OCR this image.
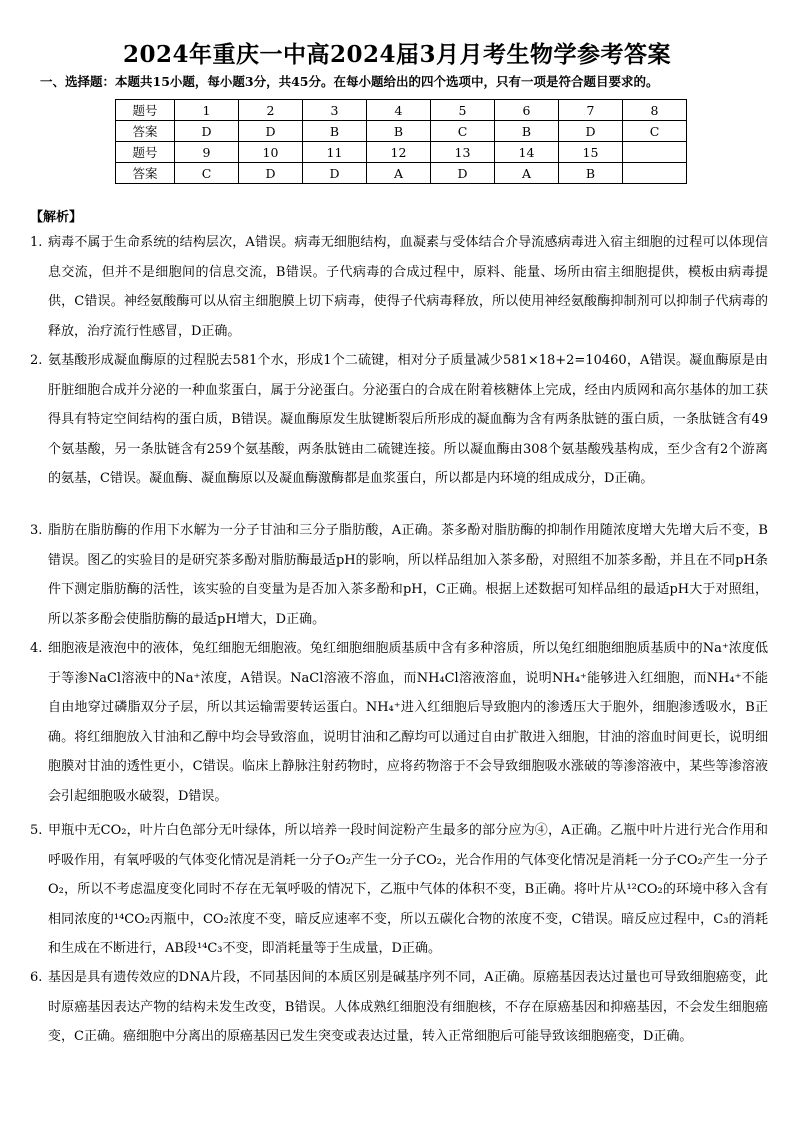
2024年重庆一中高2024届3月月考生物学参考答案
一、选择题：本题共15小题，每小题3分，共45分。在每小题给出的四个选项中，只有一项是符合题目要求的。
题号	1	2	3	4	5	6	7	8
答案	D	D	B	B	C	B	D	C
题号	9	10	11	12	13	14	15	
答案	C	D	D	A	D	A	B	
【解析】
1. 病毒不属于生命系统的结构层次，A错误。病毒无细胞结构，血凝素与受体结合介导流感病毒进入宿主细胞的过程可以体现信息交流，但并不是细胞间的信息交流，B错误。子代病毒的合成过程中，原料、能量、场所由宿主细胞提供，模板由病毒提供，C错误。神经氨酸酶可以从宿主细胞膜上切下病毒，使得子代病毒释放，所以使用神经氨酸酶抑制剂可以抑制子代病毒的释放，治疗流行性感冒，D正确。
2. 氨基酸形成凝血酶原的过程脱去581个水，形成1个二硫键，相对分子质量减少581×18+2=10460，A错误。凝血酶原是由肝脏细胞合成并分泌的一种血浆蛋白，属于分泌蛋白。分泌蛋白的合成在附着核糖体上完成，经由内质网和高尔基体的加工获得具有特定空间结构的蛋白质，B错误。凝血酶原发生肽键断裂后所形成的凝血酶为含有两条肽链的蛋白质，一条肽链含有49个氨基酸，另一条肽链含有259个氨基酸，两条肽链由二硫键连接。所以凝血酶由308个氨基酸残基构成，至少含有2个游离的氨基，C错误。凝血酶、凝血酶原以及凝血酶激酶都是血浆蛋白，所以都是内环境的组成成分，D正确。
3. 脂肪在脂肪酶的作用下水解为一分子甘油和三分子脂肪酸，A正确。茶多酚对脂肪酶的抑制作用随浓度增大先增大后不变，B错误。图乙的实验目的是研究茶多酚对脂肪酶最适pH的影响，所以样品组加入茶多酚，对照组不加茶多酚，并且在不同pH条件下测定脂肪酶的活性，该实验的自变量为是否加入茶多酚和pH，C正确。根据上述数据可知样品组的最适pH大于对照组，所以茶多酚会使脂肪酶的最适pH增大，D正确。
4. 细胞液是液泡中的液体，兔红细胞无细胞液。兔红细胞细胞质基质中含有多种溶质，所以兔红细胞细胞质基质中的Na⁺浓度低于等渗NaCl溶液中的Na⁺浓度，A错误。NaCl溶液不溶血，而NH₄Cl溶液溶血，说明NH₄⁺能够进入红细胞，而NH₄⁺不能自由地穿过磷脂双分子层，所以其运输需要转运蛋白。NH₄⁺进入红细胞后导致胞内的渗透压大于胞外，细胞渗透吸水，B正确。将红细胞放入甘油和乙醇中均会导致溶血，说明甘油和乙醇均可以通过自由扩散进入细胞，甘油的溶血时间更长，说明细胞膜对甘油的透性更小，C错误。临床上静脉注射药物时，应将药物溶于不会导致细胞吸水涨破的等渗溶液中，某些等渗溶液会引起细胞吸水破裂，D错误。
5. 甲瓶中无CO₂，叶片白色部分无叶绿体，所以培养一段时间淀粉产生最多的部分应为④，A正确。乙瓶中叶片进行光合作用和呼吸作用，有氧呼吸的气体变化情况是消耗一分子O₂产生一分子CO₂，光合作用的气体变化情况是消耗一分子CO₂产生一分子O₂，所以不考虑温度变化同时不存在无氧呼吸的情况下，乙瓶中气体的体积不变，B正确。将叶片从¹²CO₂的环境中移入含有相同浓度的¹⁴CO₂丙瓶中，CO₂浓度不变，暗反应速率不变，所以五碳化合物的浓度不变，C错误。暗反应过程中，C₃的消耗和生成在不断进行，AB段¹⁴C₃不变，即消耗量等于生成量，D正确。
6. 基因是具有遗传效应的DNA片段，不同基因间的本质区别是碱基序列不同，A正确。原癌基因表达过量也可导致细胞癌变，此时原癌基因表达产物的结构未发生改变，B错误。人体成熟红细胞没有细胞核，不存在原癌基因和抑癌基因，不会发生细胞癌变，C正确。癌细胞中分离出的原癌基因已发生突变或表达过量，转入正常细胞后可能导致该细胞癌变，D正确。
